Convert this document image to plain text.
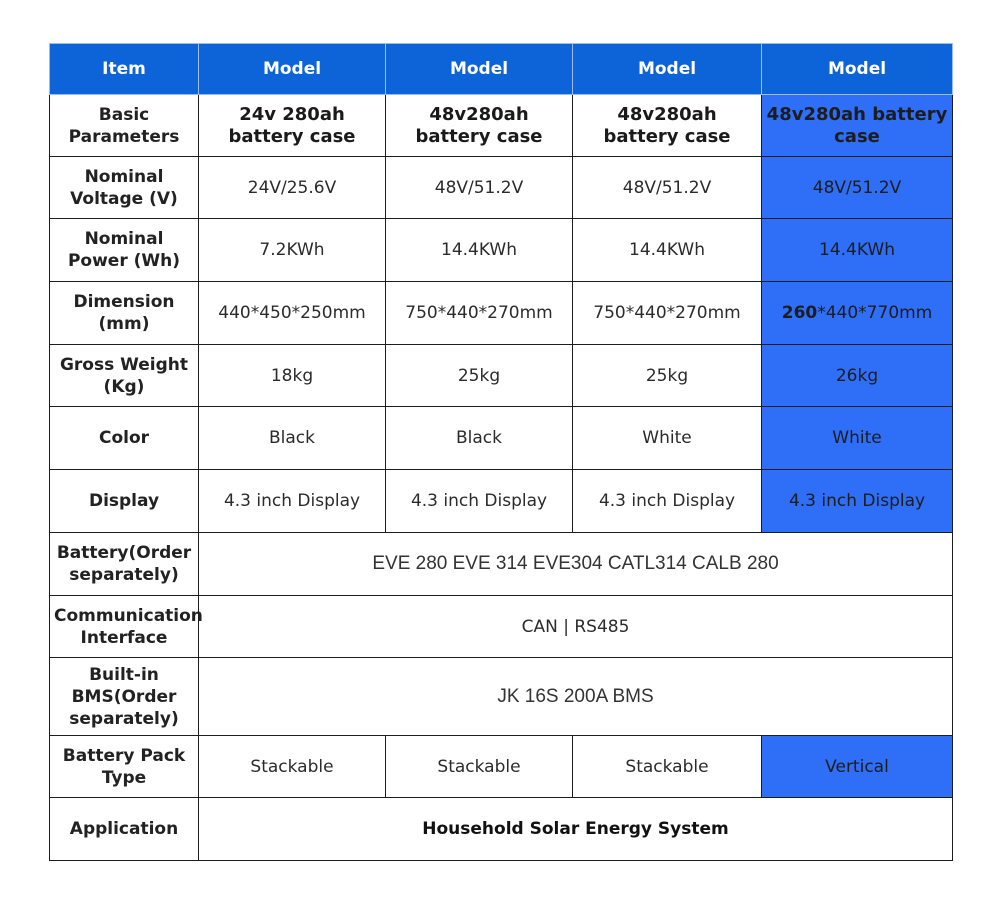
Item	Model	Model	Model	Model
Basic Parameters	24v 280ah battery case	48v280ah battery case	48v280ah battery case	48v280ah battery case
Nominal Voltage (V)	24V/25.6V	48V/51.2V	48V/51.2V	48V/51.2V
Nominal Power (Wh)	7.2KWh	14.4KWh	14.4KWh	14.4KWh
Dimension (mm)	440*450*250mm	750*440*270mm	750*440*270mm	260*440*770mm
Gross Weight (Kg)	18kg	25kg	25kg	26kg
Color	Black	Black	White	White
Display	4.3 inch Display	4.3 inch Display	4.3 inch Display	4.3 inch Display
Battery(Order separately)	EVE 280 EVE 314 EVE304 CATL314 CALB 280			
Communication Interface	CAN | RS485			
Built-in BMS(Order separately)	JK 16S 200A BMS			
Battery Pack Type	Stackable	Stackable	Stackable	Vertical
Application	Household Solar Energy System			
